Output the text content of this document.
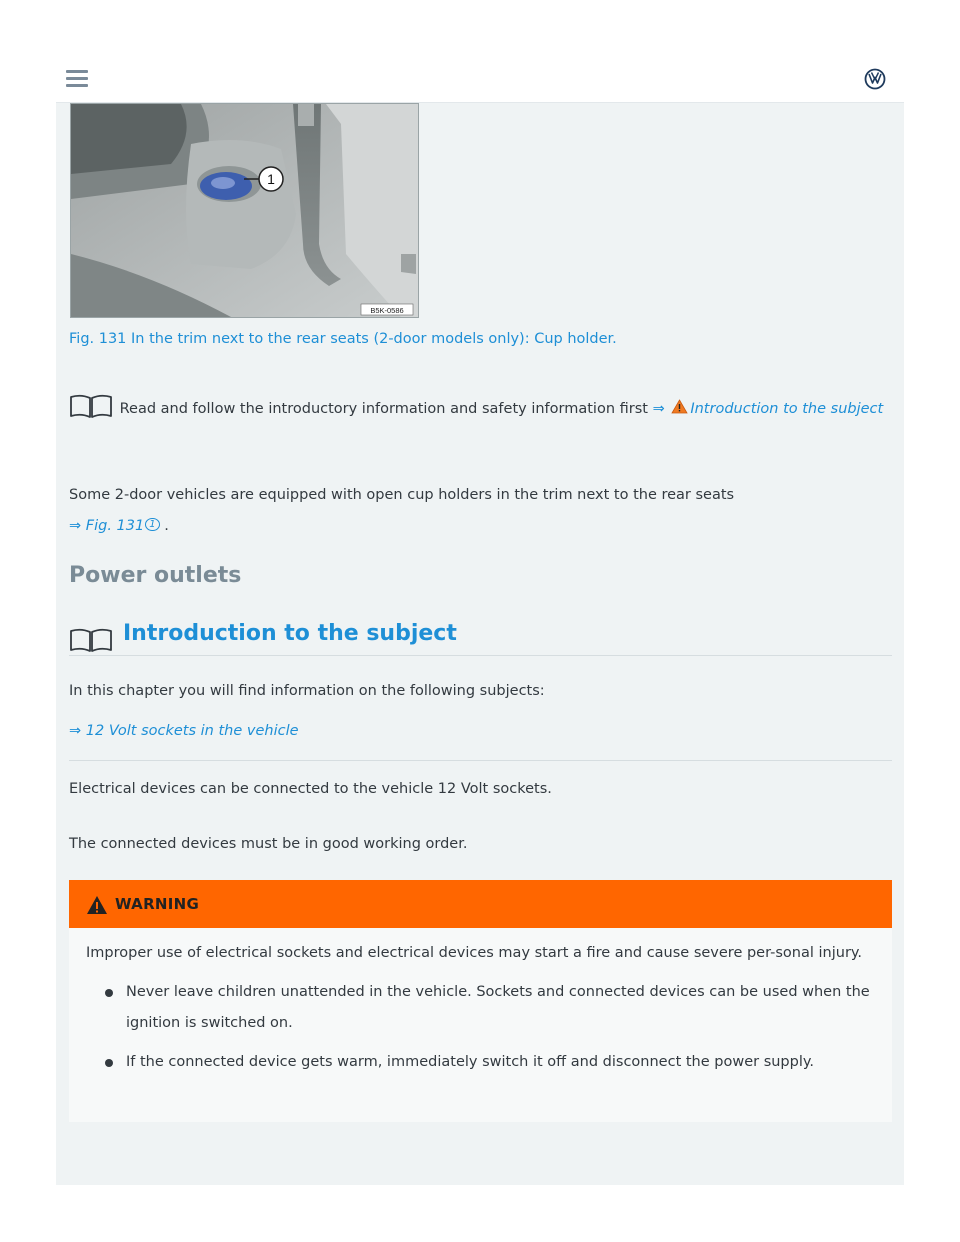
1
B5K-0586
Fig. 131 In the trim next to the rear seats (2-door models only): Cup holder.
Read and follow the introductory information and safety information first ⇒ Introduction to the subject
Some 2-door vehicles are equipped with open cup holders in the trim next to the rear seats
⇒ Fig. 131 $^1$ .
Power outlets
Introduction to the subject
In this chapter you will find information on the following subjects:
⇒ 12 Volt sockets in the vehicle
Electrical devices can be connected to the vehicle 12 Volt sockets.
The connected devices must be in good working order.
WARNING
Improper use of electrical sockets and electrical devices may start a fire and cause severe per-sonal injury.
Never leave children unattended in the vehicle. Sockets and connected devices can be used when the ignition is switched on.
If the connected device gets warm, immediately switch it off and disconnect the power supply.
